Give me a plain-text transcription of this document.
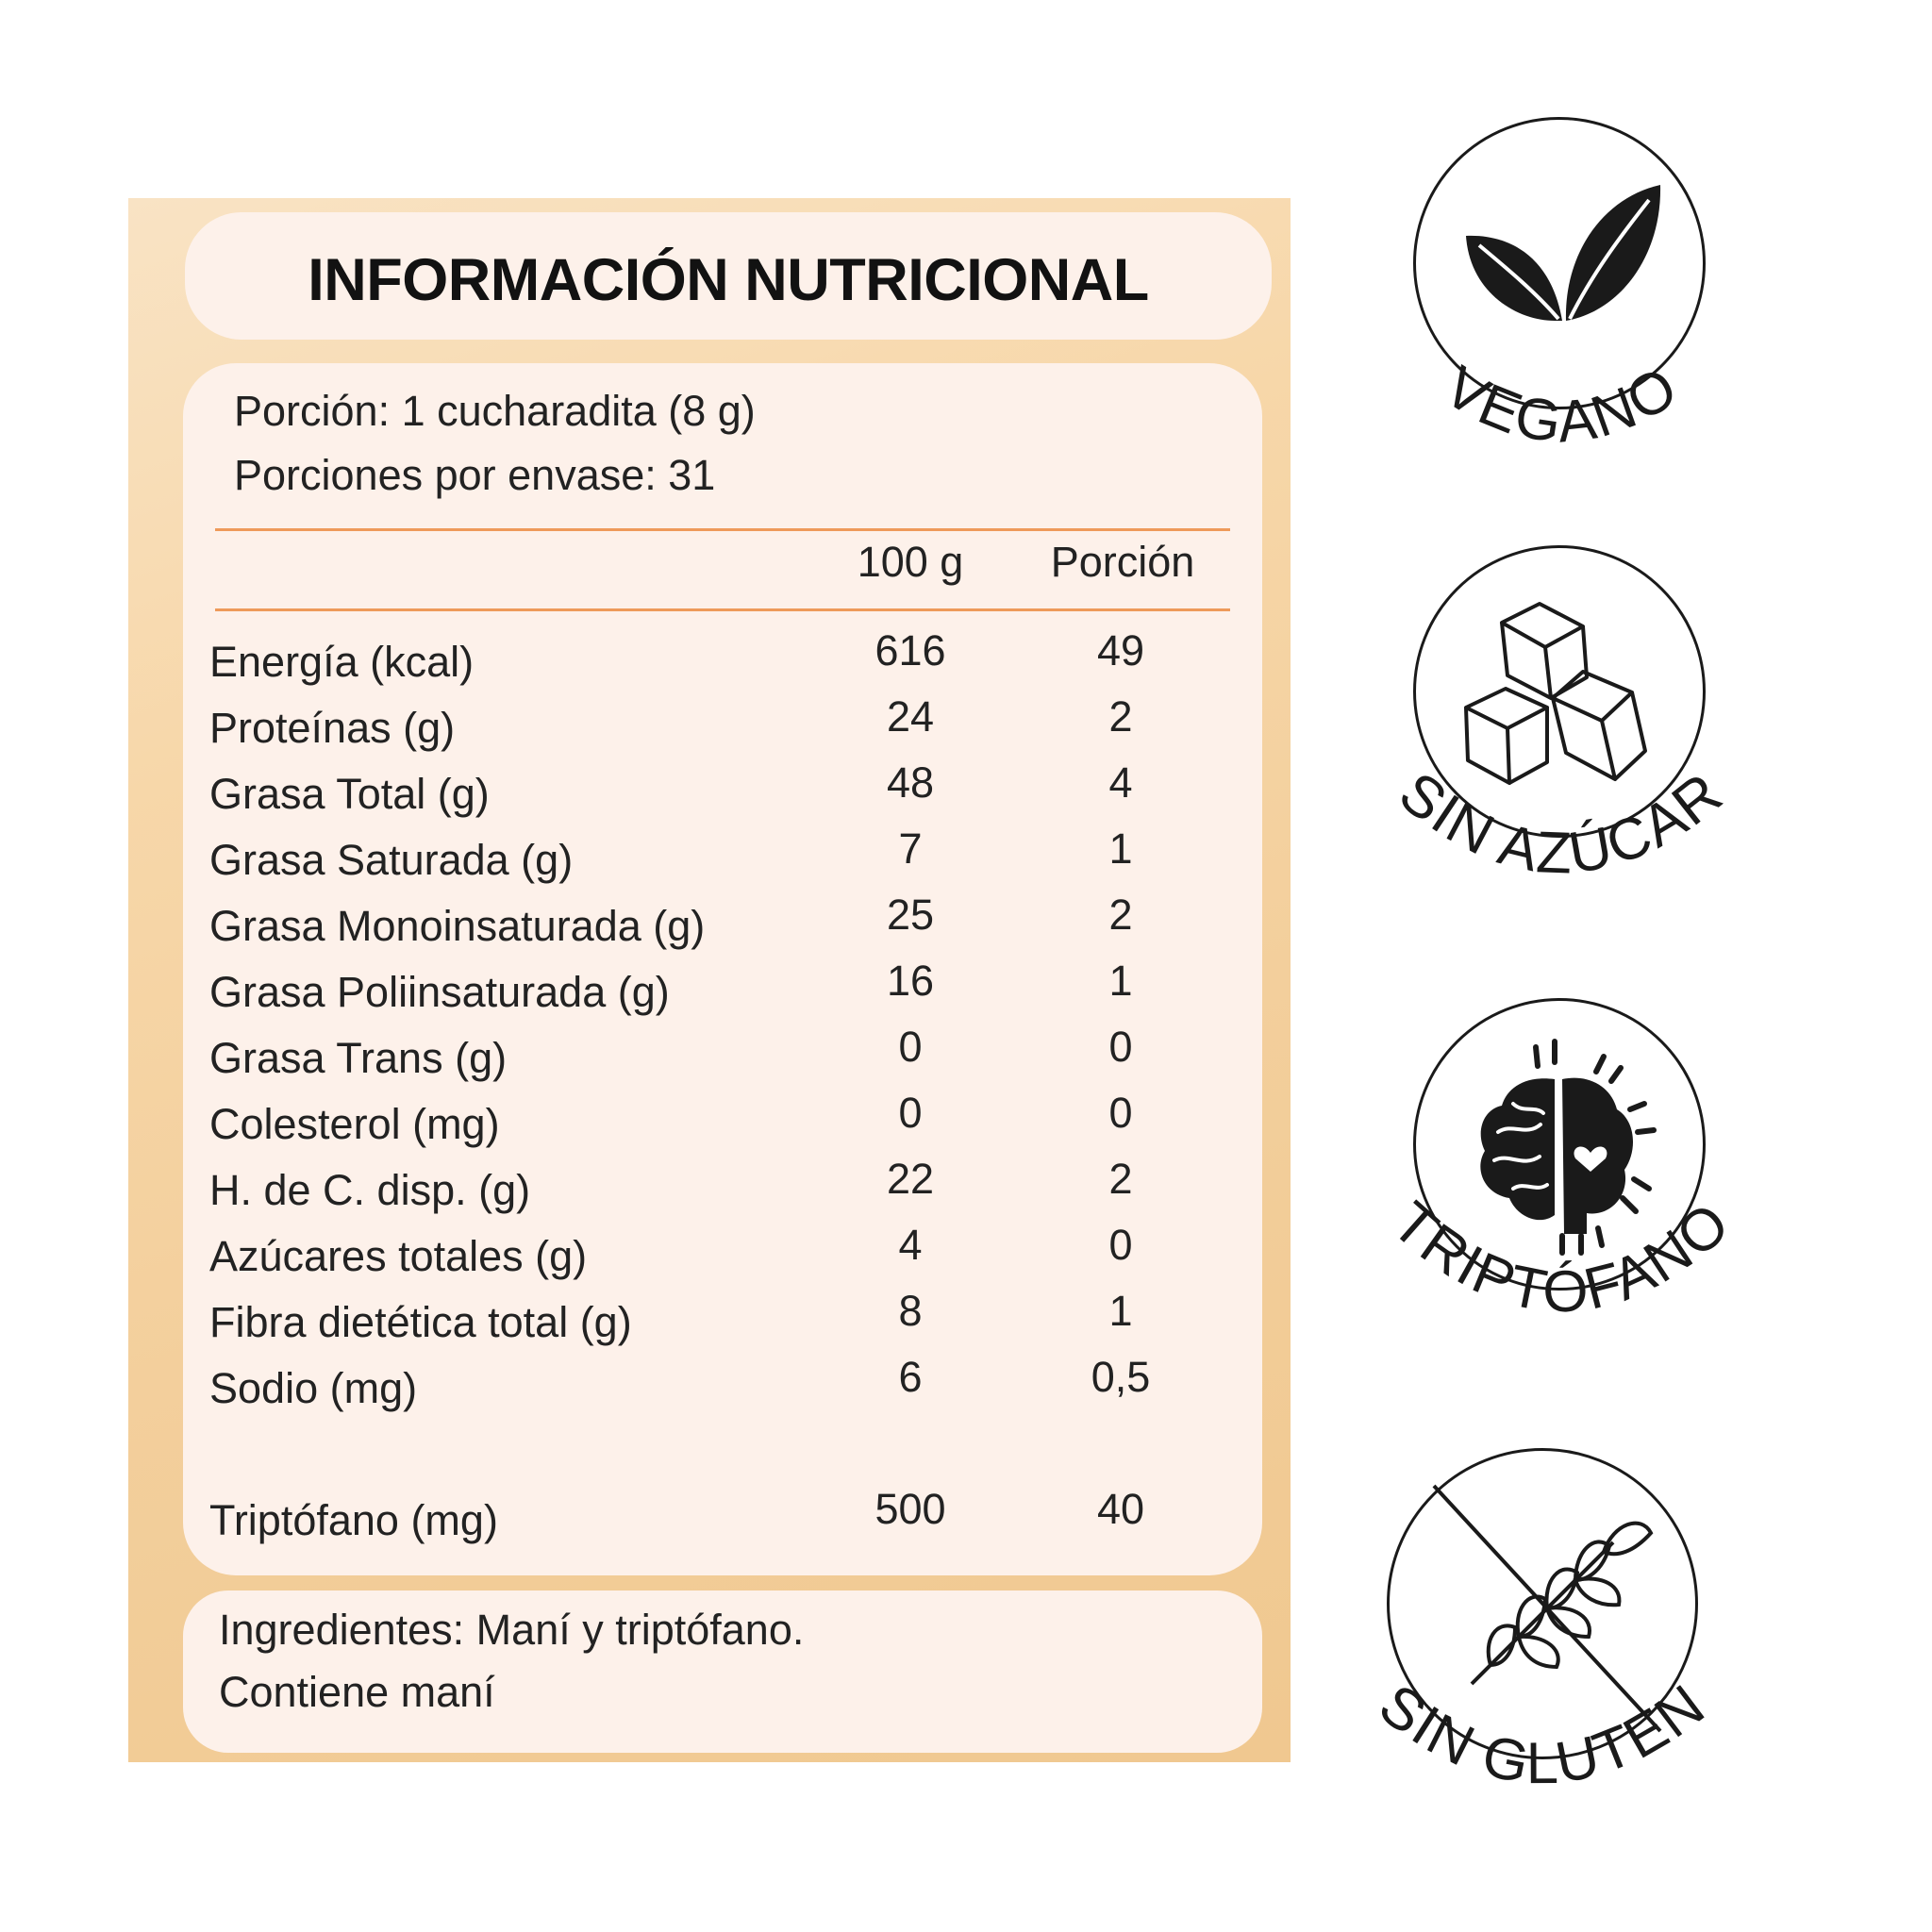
INFORMACIÓN NUTRICIONAL
Porción: 1 cucharadita (8 g)
Porciones por envase: 31
100 g	Porción
Energía (kcal)	616	49
Proteínas (g)	24	2
Grasa Total (g)	48	4
Grasa Saturada (g)	7	1
Grasa Monoinsaturada (g)	25	2
Grasa Poliinsaturada (g)	16	1
Grasa Trans (g)	0	0
Colesterol (mg)	0	0
H. de C. disp. (g)	22	2
Azúcares totales (g)	4	0
Fibra dietética total (g)	8	1
Sodio (mg)	6	0,5
Triptófano (mg)	500	40
Ingredientes: Maní y triptófano.
Contiene maní
VEGANO
SIN AZÚCAR
TRIPTÓFANO
SIN GLUTEN
